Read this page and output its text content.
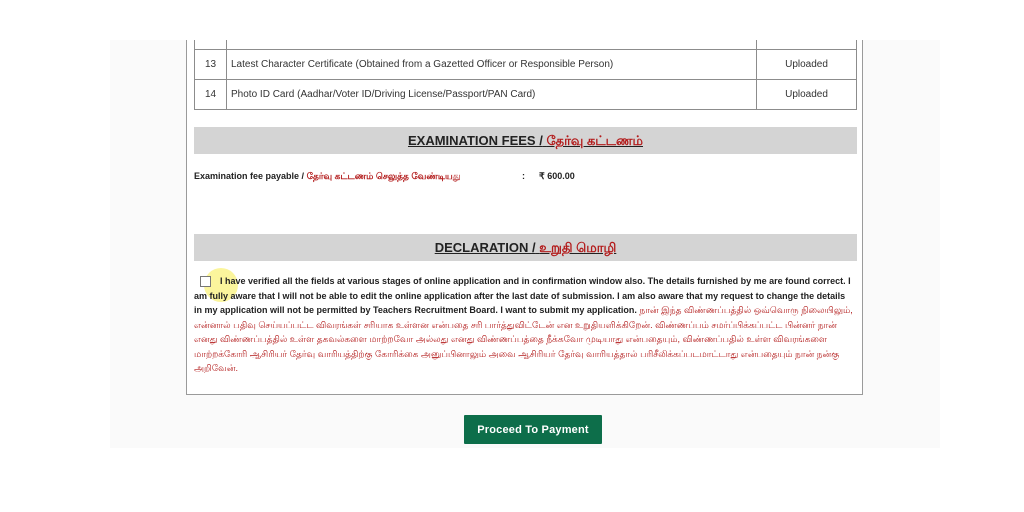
13	Latest Character Certificate (Obtained from a Gazetted Officer or Responsible Person)	Uploaded
14	Photo ID Card (Aadhar/Voter ID/Driving License/Passport/PAN Card)	Uploaded
EXAMINATION FEES / தேர்வு கட்டணம்
Examination fee payable / தேர்வு கட்டணம் செலுத்த வேண்டியது	: ₹ 600.00
DECLARATION / உறுதி மொழி
I have verified all the fields at various stages of online application and in confirmation window also. The details furnished by me are found correct. I am fully aware that I will not be able to edit the online application after the last date of submission. I am also aware that my request to change the details in my application will not be permitted by Teachers Recruitment Board. I want to submit my application. நான் இந்த விண்ணப்பத்தில் ஒவ்வொரு நிலையிலும், என்னால் பதிவு செய்யப்பட்ட விவரங்கள் சரியாக உள்ளன என்பதை சரி பார்த்துவிட்டேன் என உறுதியளிக்கிறேன். விண்ணப்பம் சமர்ப்பிக்கப்பட்ட பின்னர் நான் எனது விண்ணப்பத்தில் உள்ள தகவல்களை மாற்றவோ அல்லது எனது விண்ணப்பத்தை நீக்கவோ முடியாது என்பதையும், விண்ணப்பதில் உள்ள விவரங்களை மாற்றக்கோரி ஆசிரியர் தேர்வு வாரியத்திற்கு கோரிக்கை அனுப்பினாலும் அவை ஆசிரியர் தேர்வு வாரியத்தால் பரிசீலிக்கப்படமாட்டாது என்பதையும் நான் நன்கு அறிவேன்.
Proceed To Payment
